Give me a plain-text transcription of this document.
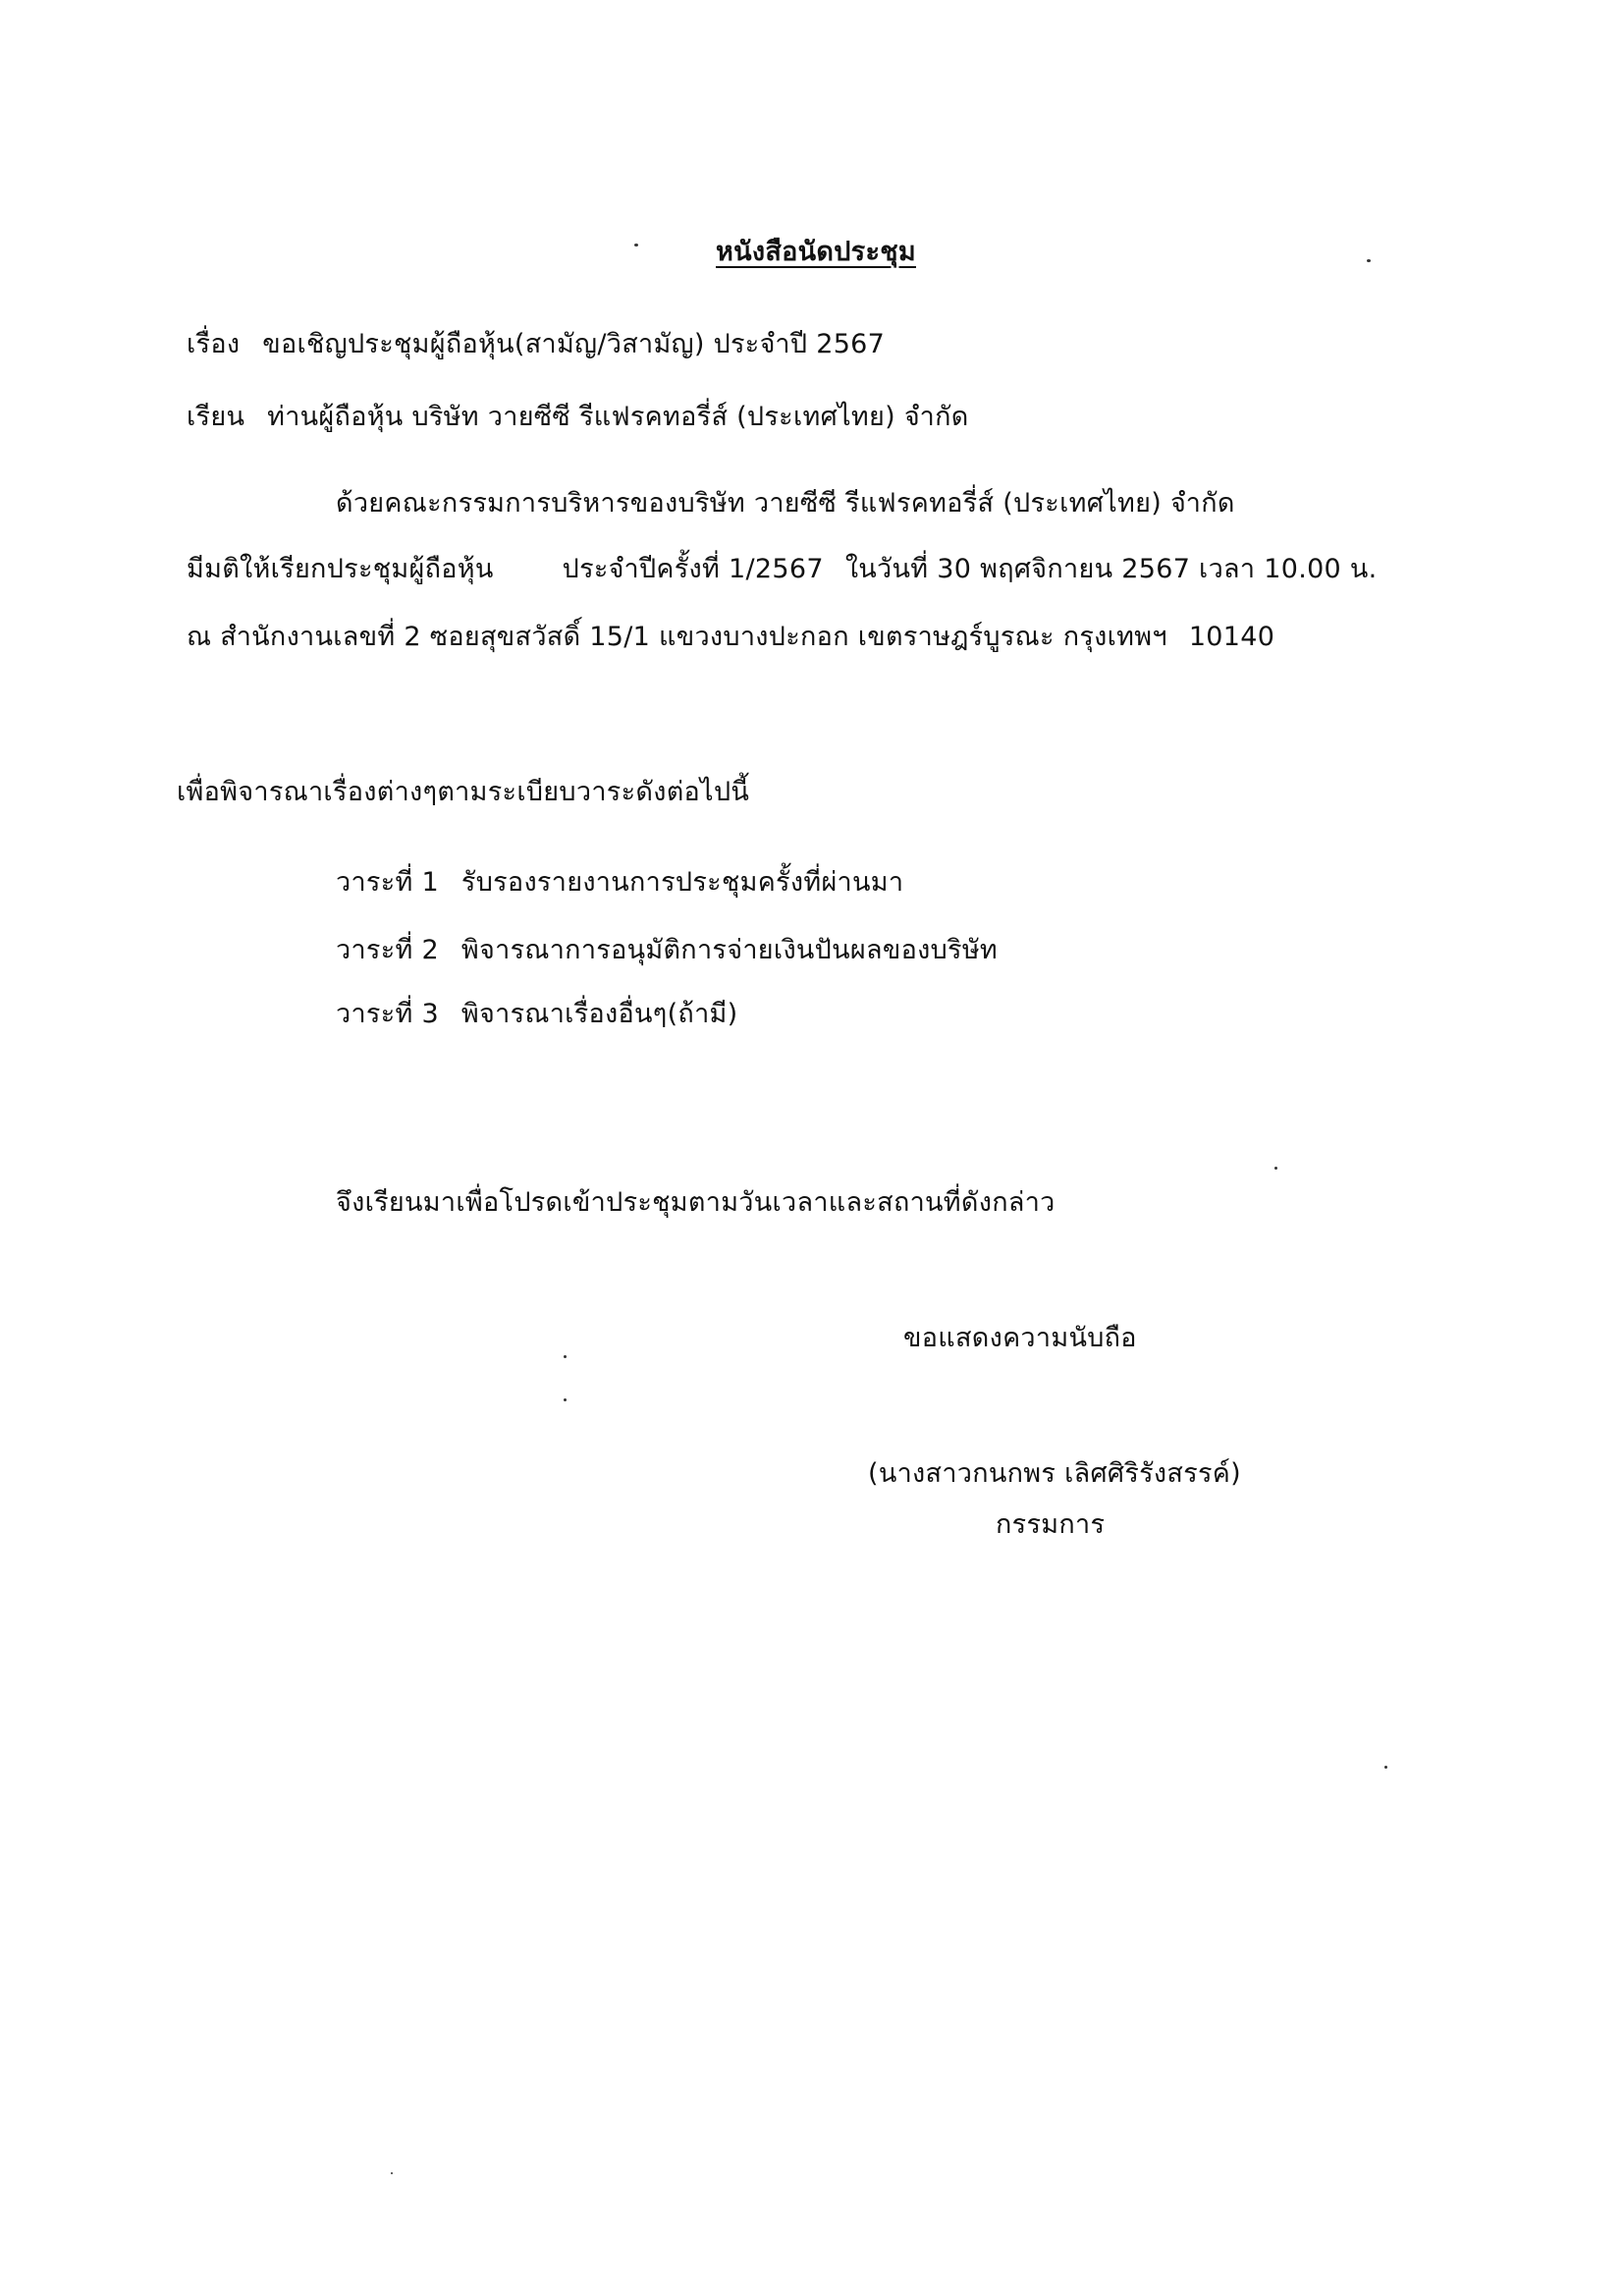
หนังสือนัดประชุม
เรื่อง ขอเชิญประชุมผู้ถือหุ้น(สามัญ/วิสามัญ) ประจำปี 2567
เรียน ท่านผู้ถือหุ้น บริษัท วายซีซี รีแฟรคทอรี่ส์ (ประเทศไทย) จำกัด
ด้วยคณะกรรมการบริหารของบริษัท วายซีซี รีแฟรคทอรี่ส์ (ประเทศไทย) จำกัด
มีมติให้เรียกประชุมผู้ถือหุ้น	ประจำปีครั้งที่ 1/2567 ในวันที่ 30 พฤศจิกายน 2567 เวลา 10.00 น.
ณ สำนักงานเลขที่ 2 ซอยสุขสวัสดิ์ 15/1 แขวงบางปะกอก เขตราษฎร์บูรณะ กรุงเทพฯ 10140
เพื่อพิจารณาเรื่องต่างๆตามระเบียบวาระดังต่อไปนี้
วาระที่ 1 รับรองรายงานการประชุมครั้งที่ผ่านมา
วาระที่ 2 พิจารณาการอนุมัติการจ่ายเงินปันผลของบริษัท
วาระที่ 3 พิจารณาเรื่องอื่นๆ(ถ้ามี)
จึงเรียนมาเพื่อโปรดเข้าประชุมตามวันเวลาและสถานที่ดังกล่าว
ขอแสดงความนับถือ
(นางสาวกนกพร เลิศศิริรังสรรค์)
กรรมการ
